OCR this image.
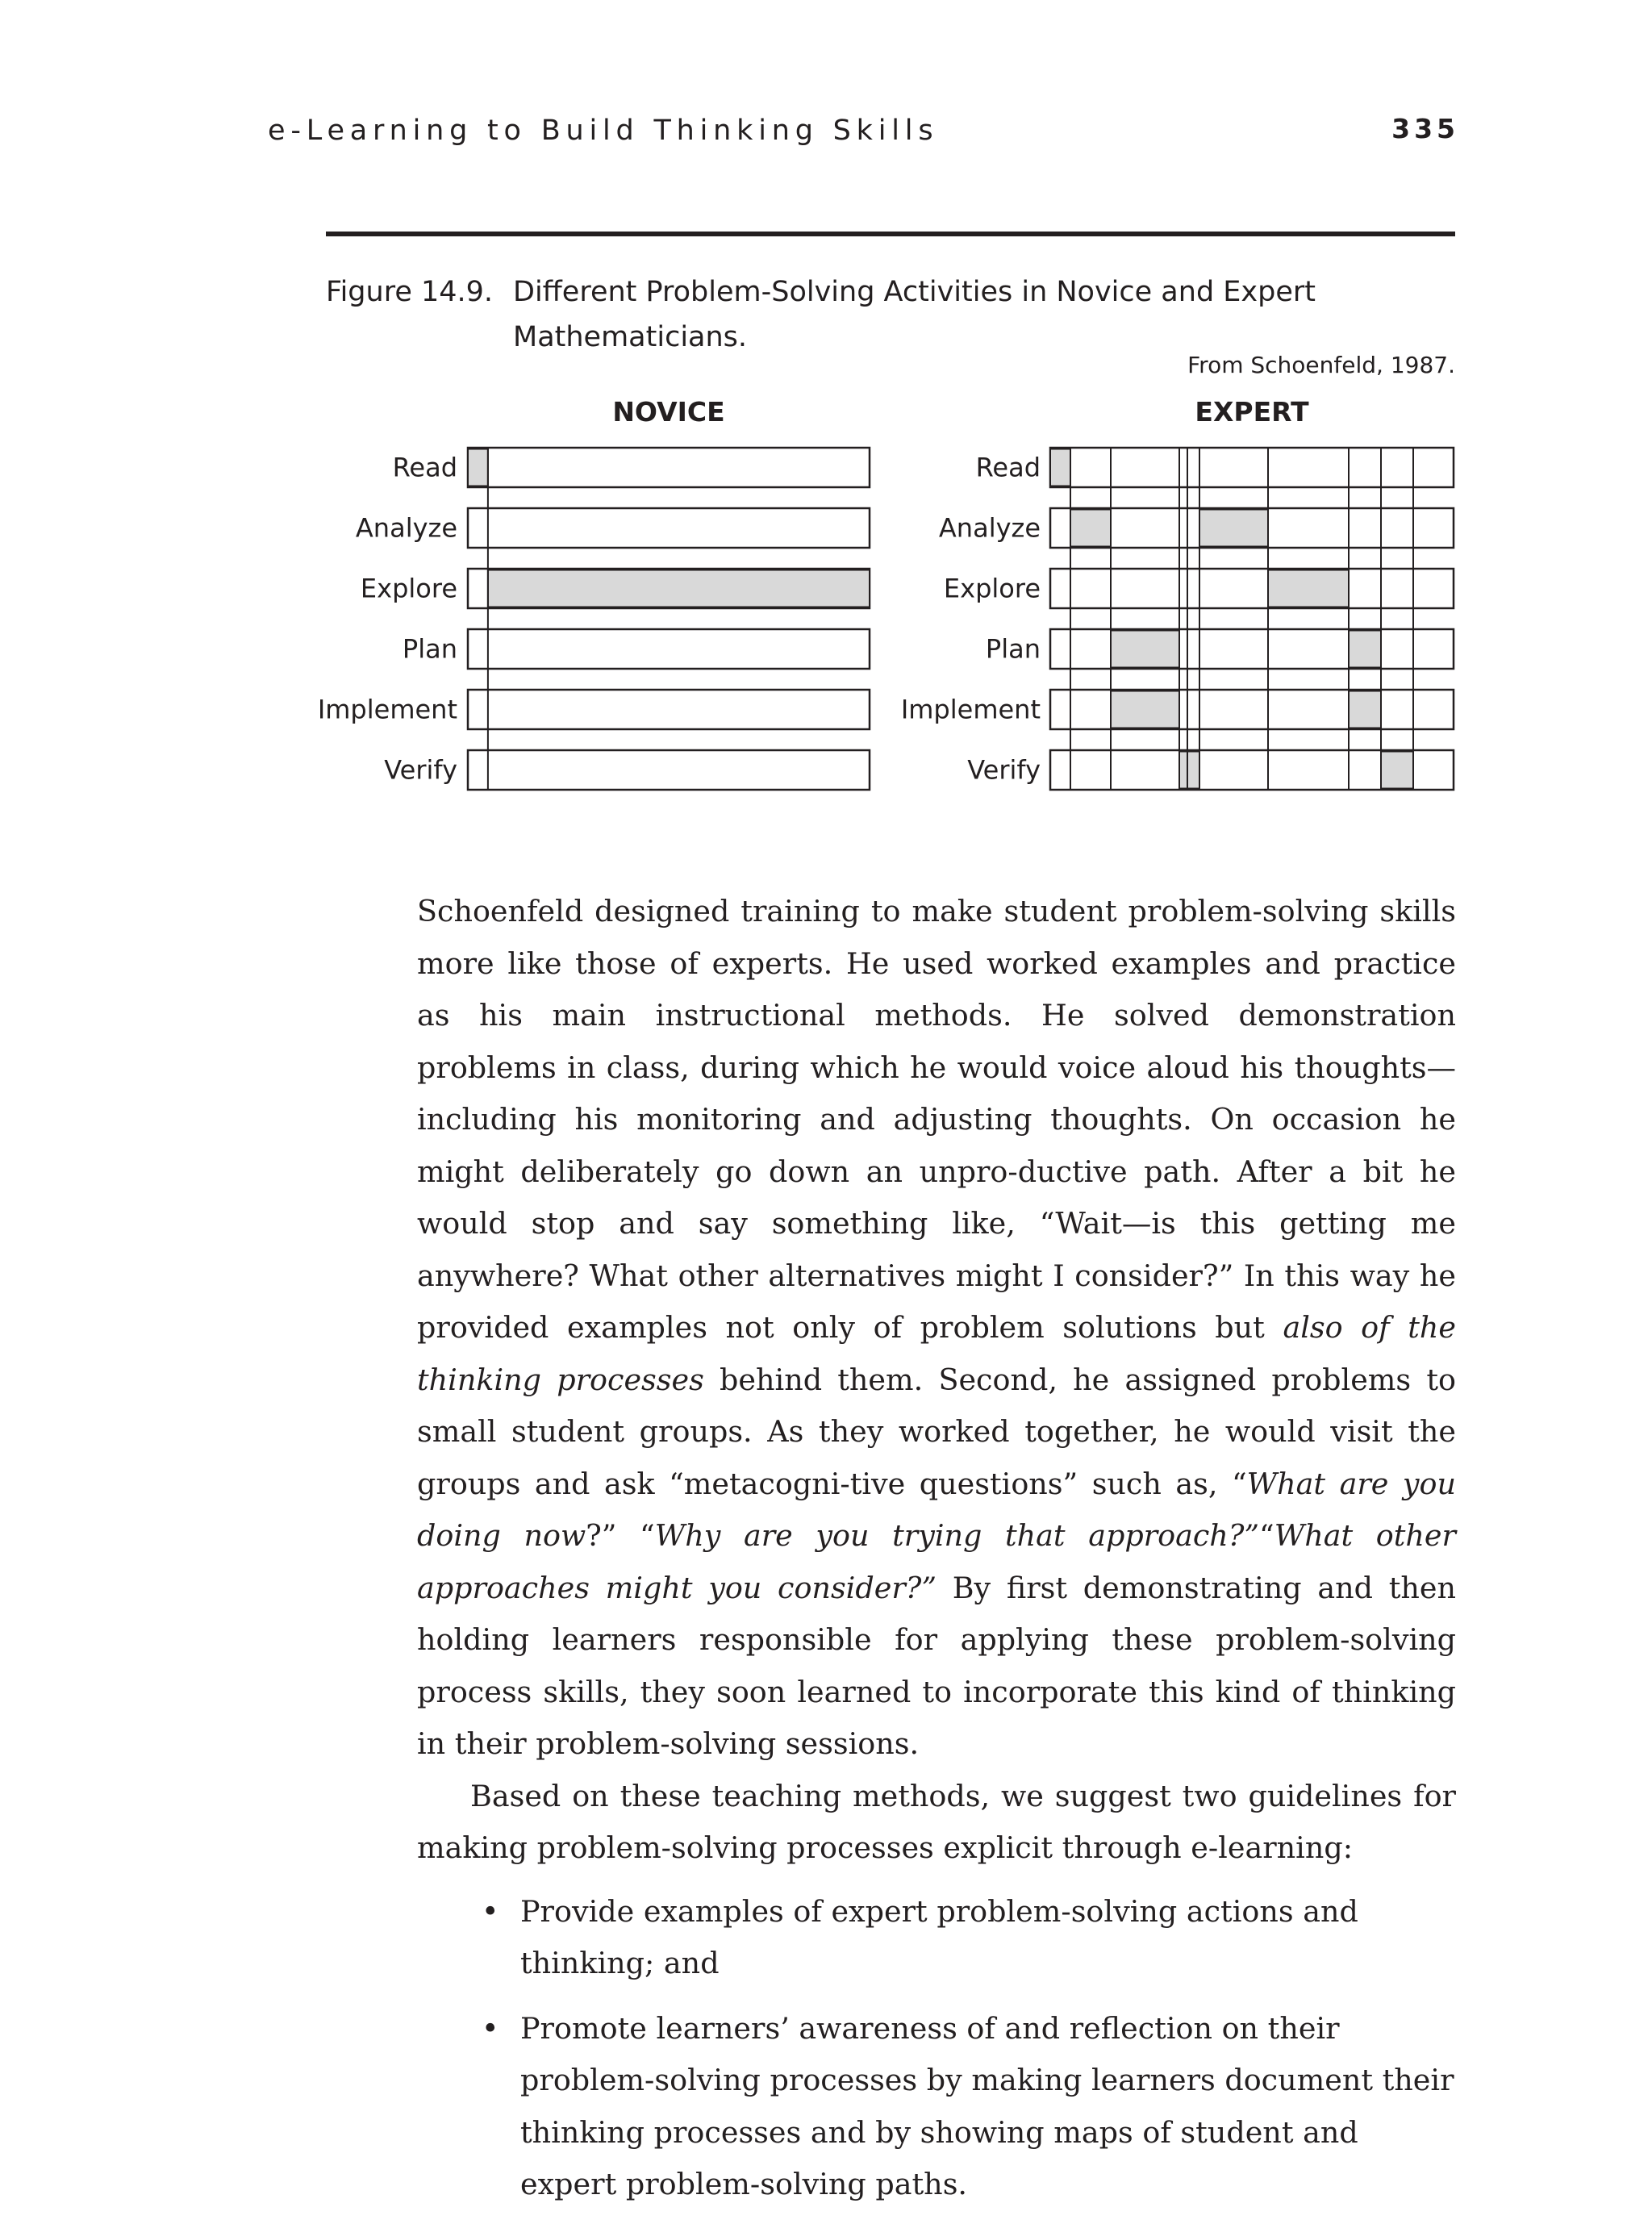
e-Learning to Build Thinking Skills	335
Figure 14.9. Different Problem-Solving Activities in Novice and Expert Mathematicians.
From Schoenfeld, 1987.
NOVICE
Read
Analyze
Explore
Plan
Implement
Verify
EXPERT
Read
Analyze
Explore
Plan
Implement
Verify

Schoenfeld designed training to make student problem-solving skills more like those of experts. He used worked examples and practice as his main instructional methods. He solved demonstration problems in class, during which he would voice aloud his thoughts—including his monitoring and adjusting thoughts. On occasion he might deliberately go down an unpro-ductive path. After a bit he would stop and say something like, “Wait—is this getting me anywhere? What other alternatives might I consider?” In this way he provided examples not only of problem solutions but also of the thinking processes behind them. Second, he assigned problems to small student groups. As they worked together, he would visit the groups and ask “metacogni-tive questions” such as, “What are you doing now?” “Why are you trying that approach?”“What other approaches might you consider?” By first demonstrating and then holding learners responsible for applying these problem-solving process skills, they soon learned to incorporate this kind of thinking in their problem-solving sessions.

Based on these teaching methods, we suggest two guidelines for making problem-solving processes explicit through e-learning:

• Provide examples of expert problem-solving actions and thinking; and
• Promote learners’ awareness of and reflection on their problem-solving processes by making learners document their thinking processes and by showing maps of student and expert problem-solving paths.
